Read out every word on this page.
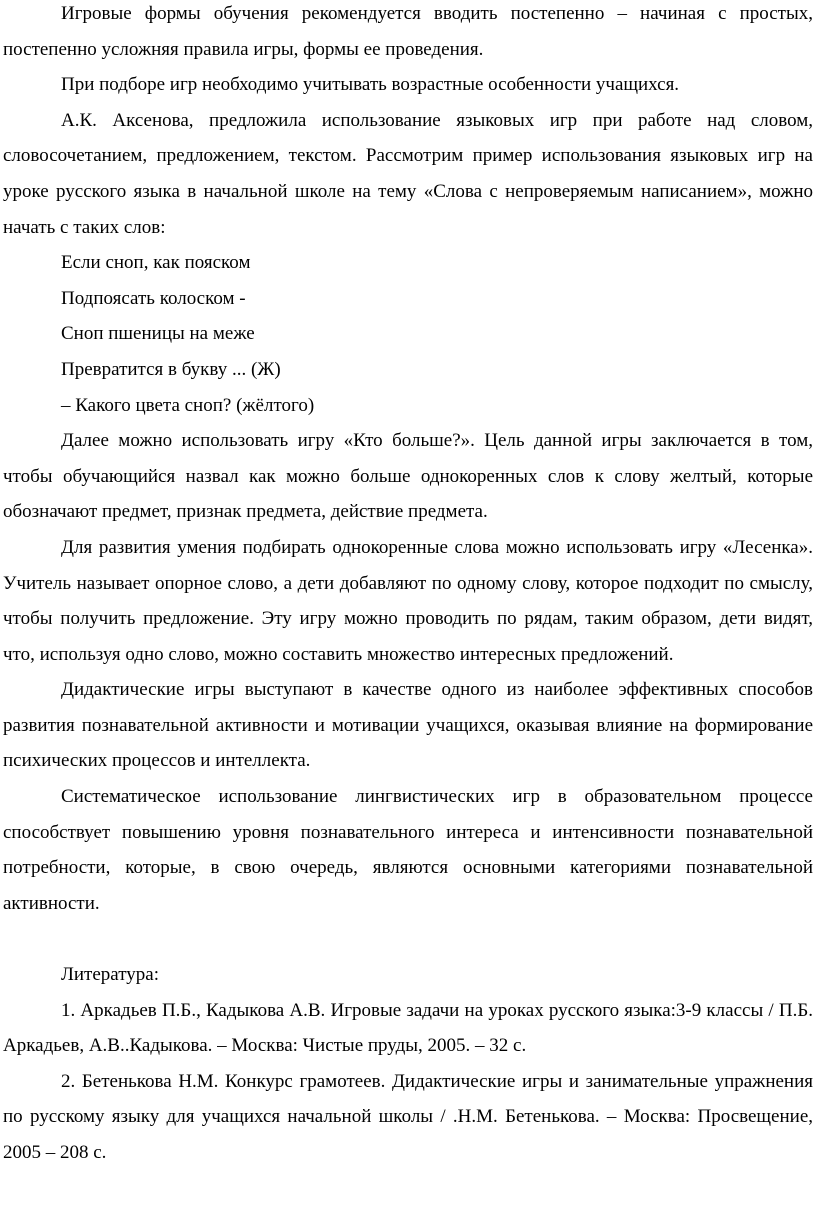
Игровые формы обучения рекомендуется вводить постепенно – начиная с простых, постепенно усложняя правила игры, формы ее проведения.

При подборе игр необходимо учитывать возрастные особенности учащихся.

А.К. Аксенова, предложила использование языковых игр при работе над словом, словосочетанием, предложением, текстом. Рассмотрим пример использования языковых игр на уроке русского языка в начальной школе на тему «Слова с непроверяемым написанием», можно начать с таких слов:

Если сноп, как пояском

Подпоясать колоском -

Сноп пшеницы на меже

Превратится в букву ... (Ж)

– Какого цвета сноп? (жёлтого)

Далее можно использовать игру «Кто больше?». Цель данной игры заключается в том, чтобы обучающийся назвал как можно больше однокоренных слов к слову желтый, которые обозначают предмет, признак предмета, действие предмета.

Для развития умения подбирать однокоренные слова можно использовать игру «Лесенка». Учитель называет опорное слово, а дети добавляют по одному слову, которое подходит по смыслу, чтобы получить предложение. Эту игру можно проводить по рядам, таким образом, дети видят, что, используя одно слово, можно составить множество интересных предложений.

Дидактические игры выступают в качестве одного из наиболее эффективных способов развития познавательной активности и мотивации учащихся, оказывая влияние на формирование психических процессов и интеллекта.

Систематическое использование лингвистических игр в образовательном процессе способствует повышению уровня познавательного интереса и интенсивности познавательной потребности, которые, в свою очередь, являются основными категориями познавательной активности.

Литература:

1. Аркадьев П.Б., Кадыкова А.В. Игровые задачи на уроках русского языка:3-9 классы / П.Б. Аркадьев, А.В..Кадыкова. – Москва: Чистые пруды, 2005. – 32 с.

2. Бетенькова Н.М. Конкурс грамотеев. Дидактические игры и занимательные упражнения по русскому языку для учащихся начальной школы / .Н.М. Бетенькова. – Москва: Просвещение, 2005 – 208 с.
